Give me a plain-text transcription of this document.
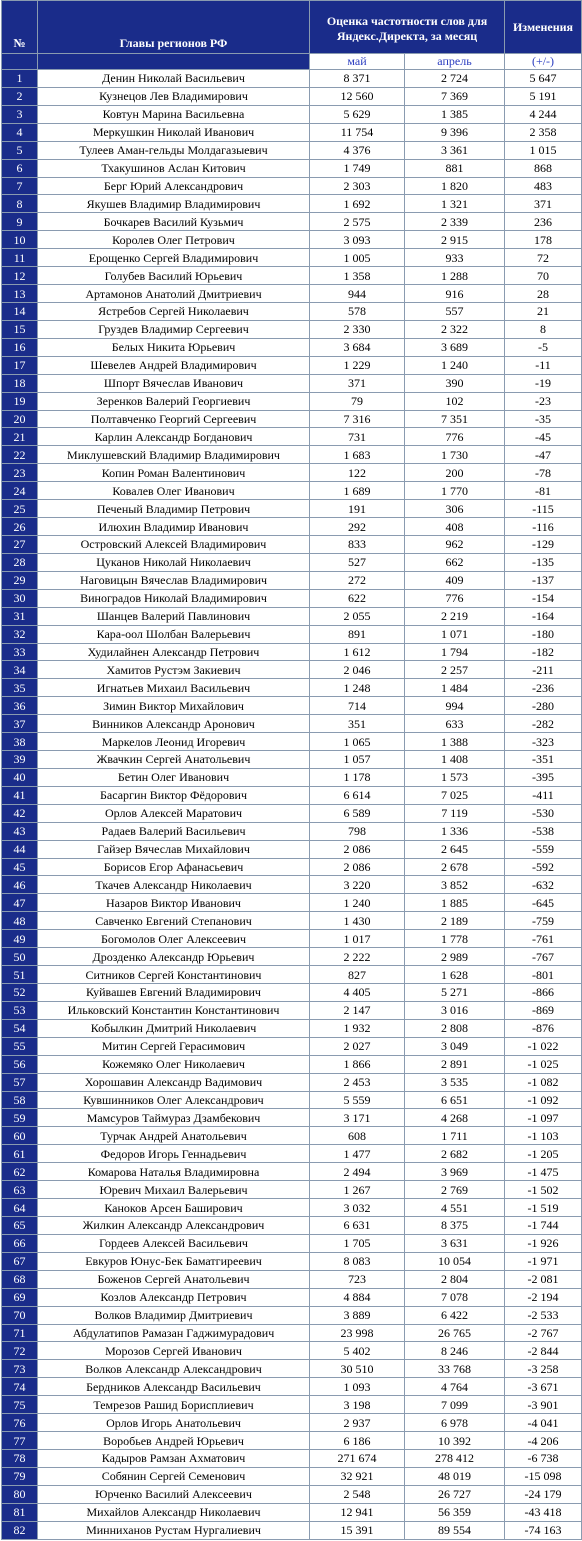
№	Главы регионов РФ	Оценка частотности слов для
Яндекс.Директа, за месяц		Изменения
		май	апрель	(+/-)
1	Денин Николай Васильевич	8 371	2 724	5 647
2	Кузнецов Лев Владимирович	12 560	7 369	5 191
3	Ковтун Марина Васильевна	5 629	1 385	4 244
4	Меркушкин Николай Иванович	11 754	9 396	2 358
5	Тулеев Аман-гельды Молдагазыевич	4 376	3 361	1 015
6	Тхакушинов Аслан Китович	1 749	881	868
7	Берг Юрий Александрович	2 303	1 820	483
8	Якушев Владимир Владимирович	1 692	1 321	371
9	Бочкарев Василий Кузьмич	2 575	2 339	236
10	Королев Олег Петрович	3 093	2 915	178
11	Ерощенко Сергей Владимирович	1 005	933	72
12	Голубев Василий Юрьевич	1 358	1 288	70
13	Артамонов Анатолий Дмитриевич	944	916	28
14	Ястребов Сергей Николаевич	578	557	21
15	Груздев Владимир Сергеевич	2 330	2 322	8
16	Белых Никита Юрьевич	3 684	3 689	-5
17	Шевелев Андрей Владимирович	1 229	1 240	-11
18	Шпорт Вячеслав Иванович	371	390	-19
19	Зеренков Валерий Георгиевич	79	102	-23
20	Полтавченко Георгий Сергеевич	7 316	7 351	-35
21	Карлин Александр Богданович	731	776	-45
22	Миклушевский Владимир Владимирович	1 683	1 730	-47
23	Копин Роман Валентинович	122	200	-78
24	Ковалев Олег Иванович	1 689	1 770	-81
25	Печеный Владимир Петрович	191	306	-115
26	Илюхин Владимир Иванович	292	408	-116
27	Островский Алексей Владимирович	833	962	-129
28	Цуканов Николай Николаевич	527	662	-135
29	Наговицын Вячеслав Владимирович	272	409	-137
30	Виноградов Николай Владимирович	622	776	-154
31	Шанцев Валерий Павлинович	2 055	2 219	-164
32	Кара-оол Шолбан Валерьевич	891	1 071	-180
33	Худилайнен Александр Петрович	1 612	1 794	-182
34	Хамитов Рустэм Закиевич	2 046	2 257	-211
35	Игнатьев Михаил Васильевич	1 248	1 484	-236
36	Зимин Виктор Михайлович	714	994	-280
37	Винников Александр Аронович	351	633	-282
38	Маркелов Леонид Игоревич	1 065	1 388	-323
39	Жвачкин Сергей Анатольевич	1 057	1 408	-351
40	Бетин Олег Иванович	1 178	1 573	-395
41	Басаргин Виктор Фёдорович	6 614	7 025	-411
42	Орлов Алексей Маратович	6 589	7 119	-530
43	Радаев Валерий Васильевич	798	1 336	-538
44	Гайзер Вячеслав Михайлович	2 086	2 645	-559
45	Борисов Егор Афанасьевич	2 086	2 678	-592
46	Ткачев Александр Николаевич	3 220	3 852	-632
47	Назаров Виктор Иванович	1 240	1 885	-645
48	Савченко Евгений Степанович	1 430	2 189	-759
49	Богомолов Олег Алексеевич	1 017	1 778	-761
50	Дрозденко Александр Юрьевич	2 222	2 989	-767
51	Ситников Сергей Константинович	827	1 628	-801
52	Куйвашев Евгений Владимирович	4 405	5 271	-866
53	Ильковский Константин Константинович	2 147	3 016	-869
54	Кобылкин Дмитрий Николаевич	1 932	2 808	-876
55	Митин Сергей Герасимович	2 027	3 049	-1 022
56	Кожемяко Олег Николаевич	1 866	2 891	-1 025
57	Хорошавин Александр Вадимович	2 453	3 535	-1 082
58	Кувшинников Олег Александрович	5 559	6 651	-1 092
59	Мамсуров Таймураз Дзамбекович	3 171	4 268	-1 097
60	Турчак Андрей Анатольевич	608	1 711	-1 103
61	Федоров Игорь Геннадьевич	1 477	2 682	-1 205
62	Комарова Наталья Владимировна	2 494	3 969	-1 475
63	Юревич Михаил Валерьевич	1 267	2 769	-1 502
64	Каноков Арсен Баширович	3 032	4 551	-1 519
65	Жилкин Александр Александрович	6 631	8 375	-1 744
66	Гордеев Алексей Васильевич	1 705	3 631	-1 926
67	Евкуров Юнус-Бек Баматгиреевич	8 083	10 054	-1 971
68	Боженов Сергей Анатольевич	723	2 804	-2 081
69	Козлов Александр Петрович	4 884	7 078	-2 194
70	Волков Владимир Дмитриевич	3 889	6 422	-2 533
71	Абдулатипов Рамазан Гаджимурадович	23 998	26 765	-2 767
72	Морозов Сергей Иванович	5 402	8 246	-2 844
73	Волков Александр Александрович	30 510	33 768	-3 258
74	Бердников Александр Васильевич	1 093	4 764	-3 671
75	Темрезов Рашид Борисплиевич	3 198	7 099	-3 901
76	Орлов Игорь Анатольевич	2 937	6 978	-4 041
77	Воробьев Андрей Юрьевич	6 186	10 392	-4 206
78	Кадыров Рамзан Ахматович	271 674	278 412	-6 738
79	Собянин Сергей Семенович	32 921	48 019	-15 098
80	Юрченко Василий Алексеевич	2 548	26 727	-24 179
81	Михайлов Александр Николаевич	12 941	56 359	-43 418
82	Минниханов Рустам Нургалиевич	15 391	89 554	-74 163
